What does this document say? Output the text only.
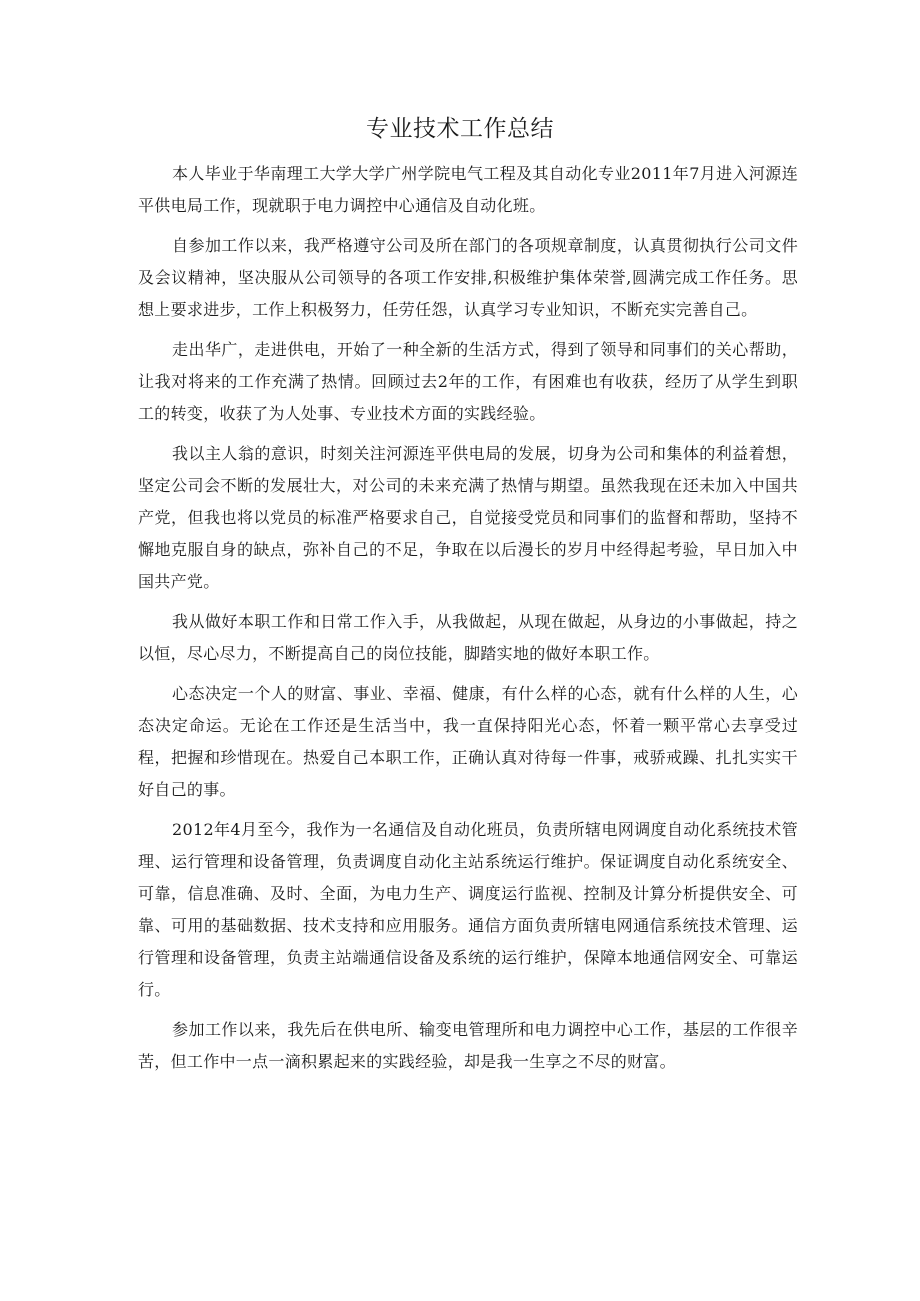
专业技术工作总结

本人毕业于华南理工大学大学广州学院电气工程及其自动化专业2011年7月进入河源连平供电局工作，现就职于电力调控中心通信及自动化班。

自参加工作以来，我严格遵守公司及所在部门的各项规章制度，认真贯彻执行公司文件及会议精神，坚决服从公司领导的各项工作安排,积极维护集体荣誉,圆满完成工作任务。思想上要求进步，工作上积极努力，任劳任怨，认真学习专业知识，不断充实完善自己。

走出华广，走进供电，开始了一种全新的生活方式，得到了领导和同事们的关心帮助，让我对将来的工作充满了热情。回顾过去2年的工作，有困难也有收获，经历了从学生到职工的转变，收获了为人处事、专业技术方面的实践经验。

我以主人翁的意识，时刻关注河源连平供电局的发展，切身为公司和集体的利益着想，坚定公司会不断的发展壮大，对公司的未来充满了热情与期望。虽然我现在还未加入中国共产党，但我也将以党员的标准严格要求自己，自觉接受党员和同事们的监督和帮助，坚持不懈地克服自身的缺点，弥补自己的不足，争取在以后漫长的岁月中经得起考验，早日加入中国共产党。

我从做好本职工作和日常工作入手，从我做起，从现在做起，从身边的小事做起，持之以恒，尽心尽力，不断提高自己的岗位技能，脚踏实地的做好本职工作。

心态决定一个人的财富、事业、幸福、健康，有什么样的心态，就有什么样的人生，心态决定命运。无论在工作还是生活当中，我一直保持阳光心态，怀着一颗平常心去享受过程，把握和珍惜现在。热爱自己本职工作，正确认真对待每一件事，戒骄戒躁、扎扎实实干好自己的事。

2012年4月至今，我作为一名通信及自动化班员，负责所辖电网调度自动化系统技术管理、运行管理和设备管理，负责调度自动化主站系统运行维护。保证调度自动化系统安全、可靠，信息准确、及时、全面，为电力生产、调度运行监视、控制及计算分析提供安全、可靠、可用的基础数据、技术支持和应用服务。通信方面负责所辖电网通信系统技术管理、运行管理和设备管理，负责主站端通信设备及系统的运行维护，保障本地通信网安全、可靠运行。

参加工作以来，我先后在供电所、输变电管理所和电力调控中心工作，基层的工作很辛苦，但工作中一点一滴积累起来的实践经验，却是我一生享之不尽的财富。
